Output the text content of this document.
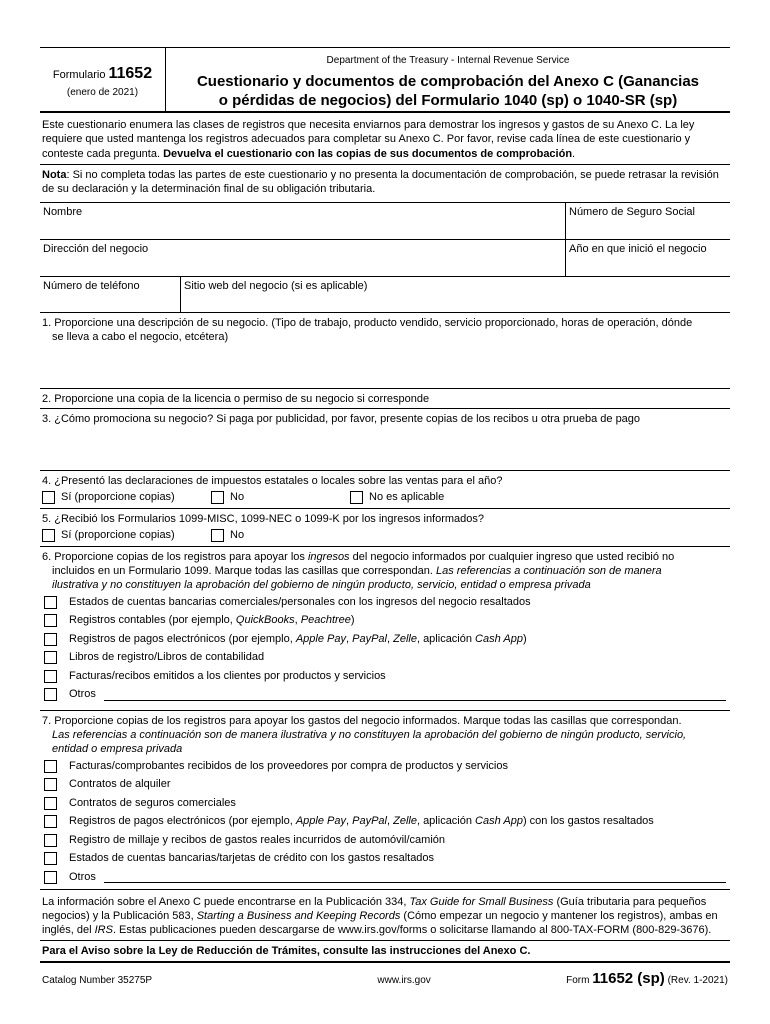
Formulario 11652
(enero de 2021)
Department of the Treasury - Internal Revenue Service
Cuestionario y documentos de comprobación del Anexo C (Ganancias
o pérdidas de negocios) del Formulario 1040 (sp) o 1040-SR (sp)
Este cuestionario enumera las clases de registros que necesita enviarnos para demostrar los ingresos y gastos de su Anexo C. La ley requiere que usted mantenga los registros adecuados para completar su Anexo C. Por favor, revise cada línea de este cuestionario y conteste cada pregunta. Devuelva el cuestionario con las copias de sus documentos de comprobación.
Nota: Si no completa todas las partes de este cuestionario y no presenta la documentación de comprobación, se puede retrasar la revisión de su declaración y la determinación final de su obligación tributaria.
Nombre	Número de Seguro Social
Dirección del negocio	Año en que inició el negocio
Número de teléfono	Sitio web del negocio (si es aplicable)
1. Proporcione una descripción de su negocio. (Tipo de trabajo, producto vendido, servicio proporcionado, horas de operación, dónde
se lleva a cabo el negocio, etcétera)
2. Proporcione una copia de la licencia o permiso de su negocio si corresponde
3. ¿Cómo promociona su negocio? Si paga por publicidad, por favor, presente copias de los recibos u otra prueba de pago
4. ¿Presentó las declaraciones de impuestos estatales o locales sobre las ventas para el año?
Sí (proporcione copias)	No	No es aplicable
5. ¿Recibió los Formularios 1099-MISC, 1099-NEC o 1099-K por los ingresos informados?
Sí (proporcione copias)	No
6. Proporcione copias de los registros para apoyar los ingresos del negocio informados por cualquier ingreso que usted recibió no
incluidos en un Formulario 1099. Marque todas las casillas que correspondan. Las referencias a continuación son de manera
ilustrativa y no constituyen la aprobación del gobierno de ningún producto, servicio, entidad o empresa privada
Estados de cuentas bancarias comerciales/personales con los ingresos del negocio resaltados
Registros contables (por ejemplo, QuickBooks, Peachtree)
Registros de pagos electrónicos (por ejemplo, Apple Pay, PayPal, Zelle, aplicación Cash App)
Libros de registro/Libros de contabilidad
Facturas/recibos emitidos a los clientes por productos y servicios
Otros
7. Proporcione copias de los registros para apoyar los gastos del negocio informados. Marque todas las casillas que correspondan.
Las referencias a continuación son de manera ilustrativa y no constituyen la aprobación del gobierno de ningún producto, servicio,
entidad o empresa privada
Facturas/comprobantes recibidos de los proveedores por compra de productos y servicios
Contratos de alquiler
Contratos de seguros comerciales
Registros de pagos electrónicos (por ejemplo, Apple Pay, PayPal, Zelle, aplicación Cash App) con los gastos resaltados
Registro de millaje y recibos de gastos reales incurridos de automóvil/camión
Estados de cuentas bancarias/tarjetas de crédito con los gastos resaltados
Otros
La información sobre el Anexo C puede encontrarse en la Publicación 334, Tax Guide for Small Business (Guía tributaria para pequeños negocios) y la Publicación 583, Starting a Business and Keeping Records (Cómo empezar un negocio y mantener los registros), ambas en inglés, del IRS. Estas publicaciones pueden descargarse de www.irs.gov/forms o solicitarse llamando al 800-TAX-FORM (800-829-3676).
Para el Aviso sobre la Ley de Reducción de Trámites, consulte las instrucciones del Anexo C.
Catalog Number 35275P	www.irs.gov	Form 11652 (sp) (Rev. 1-2021)
